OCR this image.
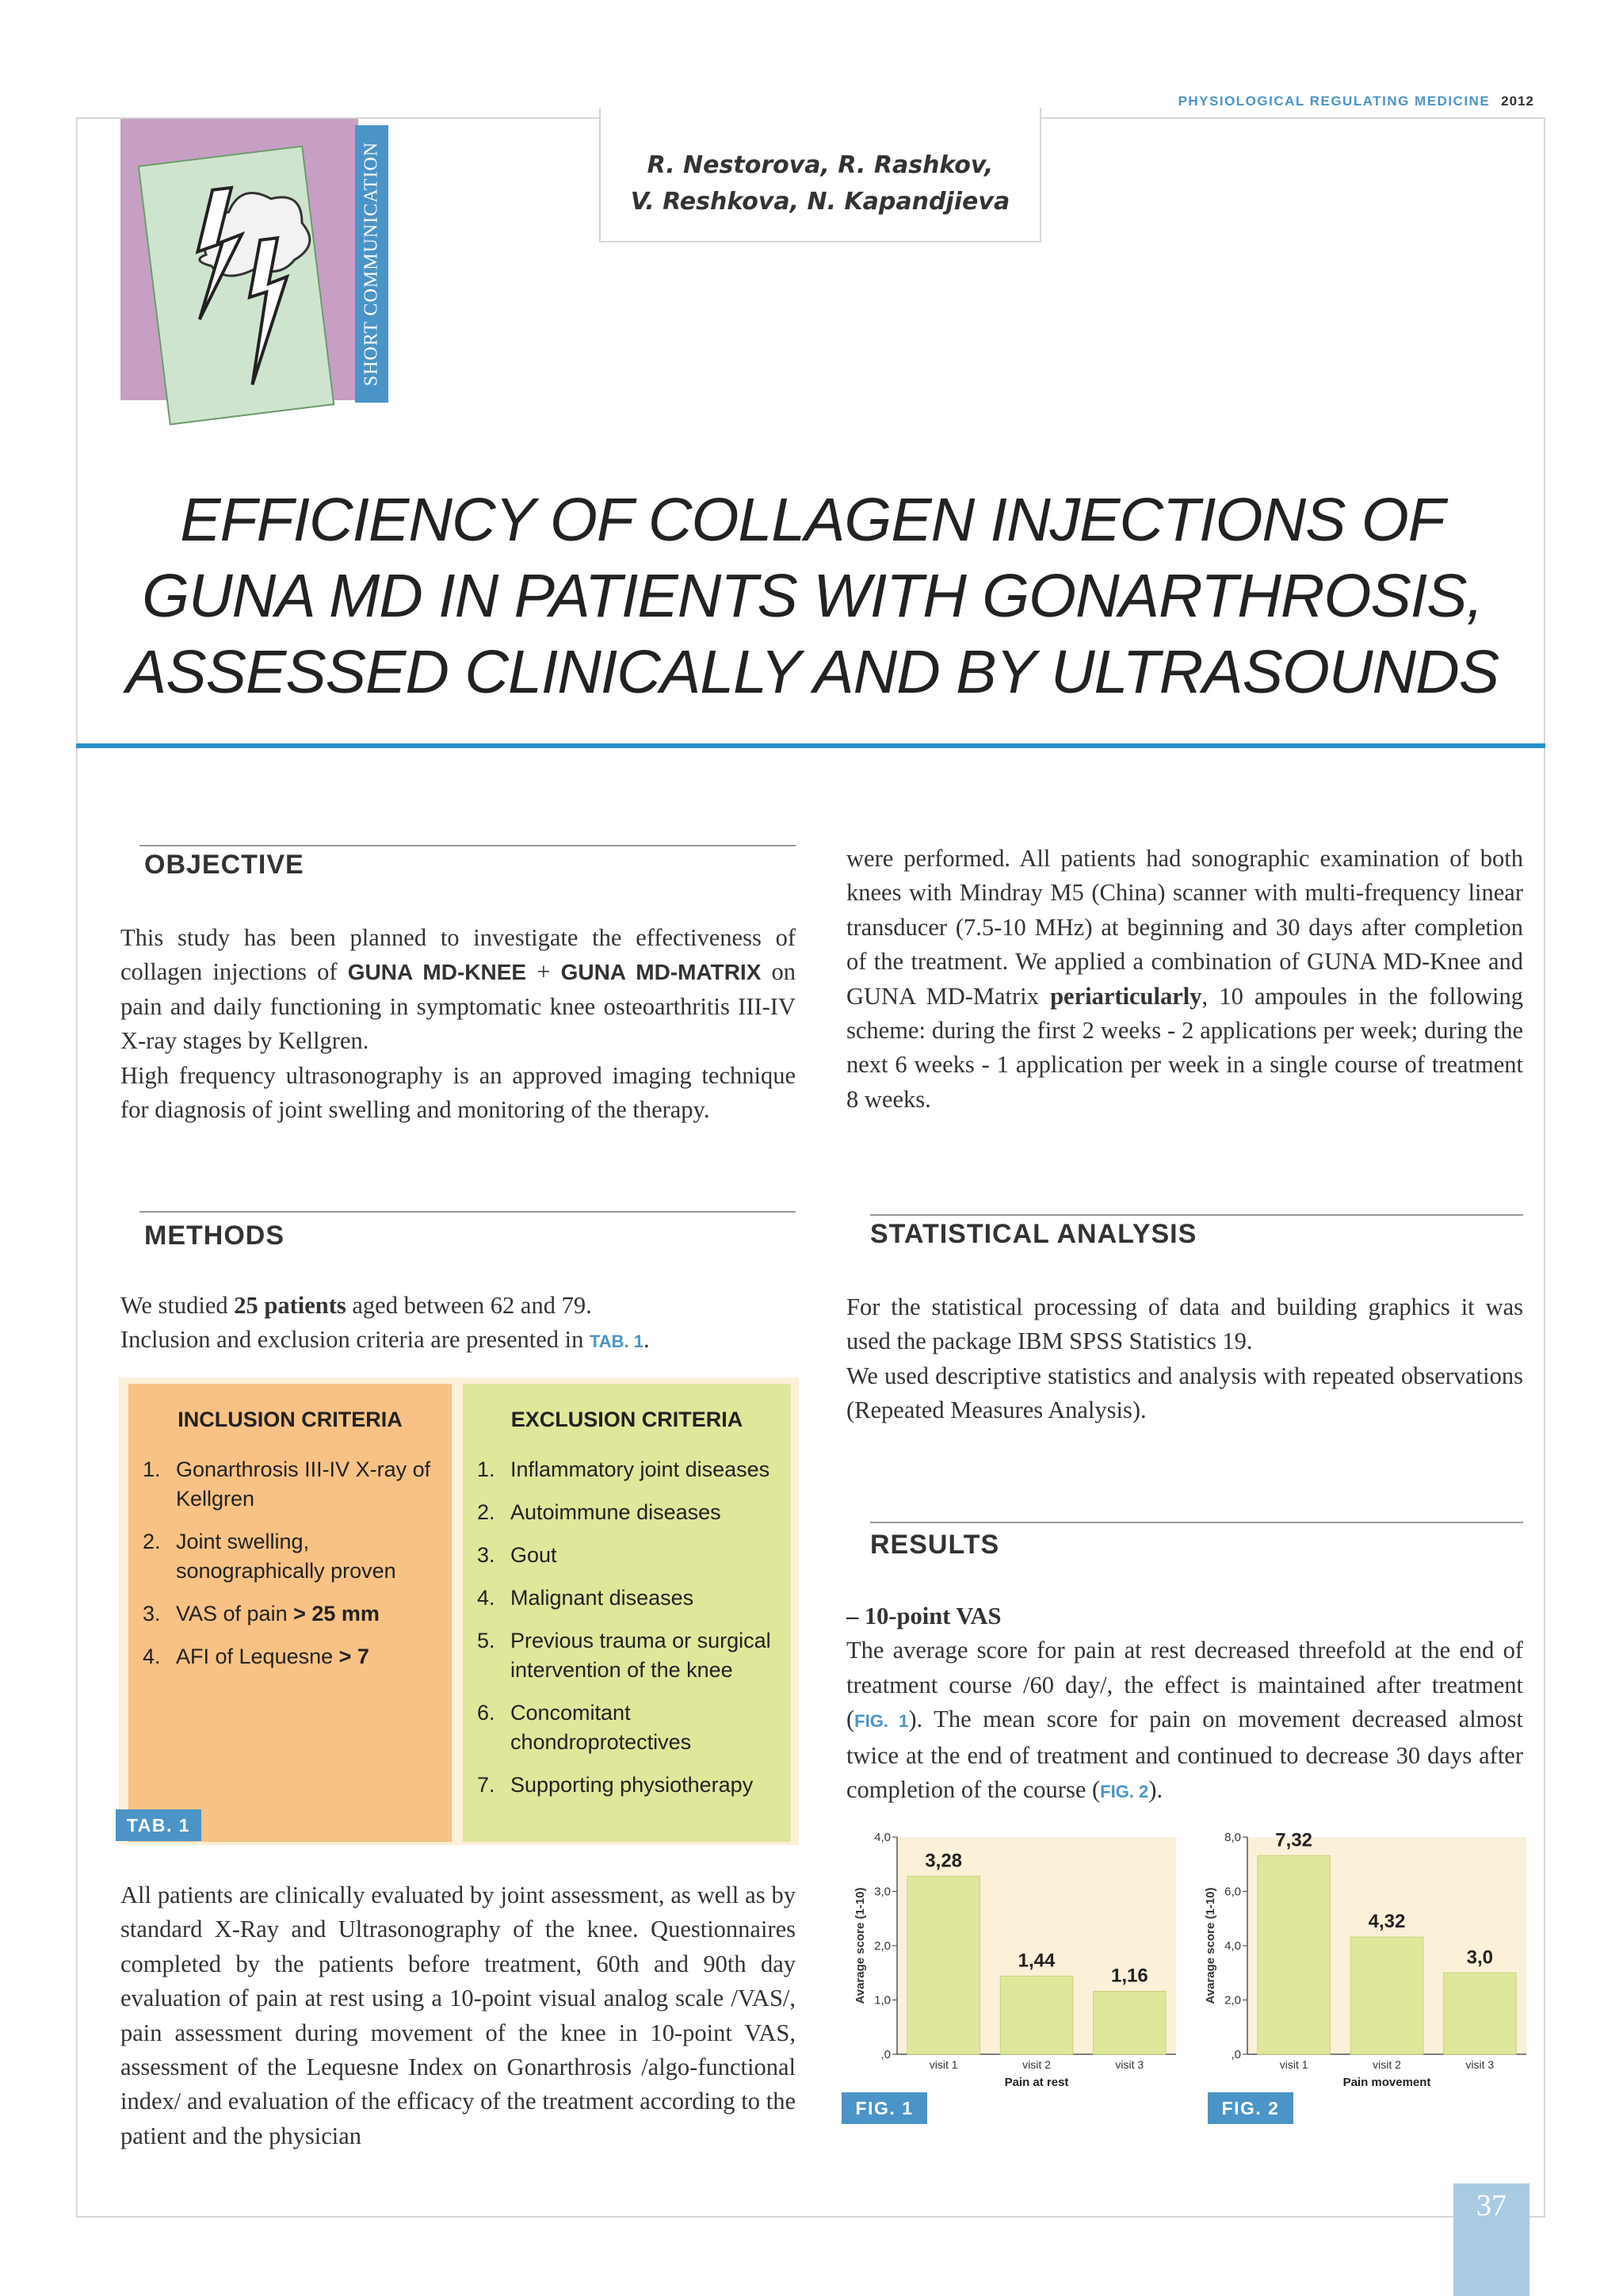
PHYSIOLOGICAL REGULATING MEDICINE 2012
SHORT COMMUNICATION	R. Nestorova, R. Rashkov,
V. Reshkova, N. Kapandjieva
EFFICIENCY OF COLLAGEN INJECTIONS OF
GUNA MD IN PATIENTS WITH GONARTHROSIS,
ASSESSED CLINICALLY AND BY ULTRASOUNDS
OBJECTIVE

This study has been planned to investigate the effectiveness of collagen injections of GUNA MD-KNEE + GUNA MD-MATRIX on pain and daily functioning in symptomatic knee osteoarthritis III-IV X-ray stages by Kellgren.

High frequency ultrasonography is an approved imaging technique for diagnosis of joint swelling and monitoring of the therapy.

METHODS

We studied 25 patients aged between 62 and 79.

Inclusion and exclusion criteria are presented in TAB. 1.

INCLUSION CRITERIA
1. Gonarthrosis III-IV X-ray of Kellgren
2. Joint swelling, sonographically proven
3. VAS of pain > 25 mm
4. AFI of Lequesne > 7
EXCLUSION CRITERIA
1. Inflammatory joint diseases
2. Autoimmune diseases
3. Gout
4. Malignant diseases
5. Previous trauma or surgical intervention of the knee
6. Concomitant chondroprotectives
7. Supporting physiotherapy
TAB. 1
All patients are clinically evaluated by joint assessment, as well as by standard X-Ray and Ultrasonography of the knee. Questionnaires completed by the patients before treatment, 60th and 90th day evaluation of pain at rest using a 10-point visual analog scale /VAS/, pain assessment during movement of the knee in 10-point VAS, assessment of the Lequesne Index on Gonarthrosis /algo-functional index/ and evaluation of the efficacy of the treatment according to the patient and the physician

were performed. All patients had sonographic examination of both knees with Mindray M5 (China) scanner with multi-frequency linear transducer (7.5-10 MHz) at beginning and 30 days after completion of the treatment. We applied a combination of GUNA MD-Knee and GUNA MD-Matrix periarticularly, 10 ampoules in the following scheme: during the first 2 weeks - 2 applications per week; during the next 6 weeks - 1 application per week in a single course of treatment 8 weeks.

STATISTICAL ANALYSIS

For the statistical processing of data and building graphics it was used the package IBM SPSS Statistics 19.

We used descriptive statistics and analysis with repeated observations (Repeated Measures Analysis).

RESULTS

– 10-point VAS

The average score for pain at rest decreased threefold at the end of treatment course /60 day/, the effect is maintained after treatment (FIG. 1). The mean score for pain on movement decreased almost twice at the end of treatment and continued to decrease 30 days after completion of the course (FIG. 2).

,0
1,0
2,0
3,0
4,0
Avarage score (1-10)
3,28
visit 1
1,44
visit 2
1,16
visit 3
Pain at rest
FIG. 1
,0
2,0
4,0
6,0
8,0
Avarage score (1-10)
7,32
visit 1
4,32
visit 2
3,0
visit 3
Pain movement
FIG. 2
37
